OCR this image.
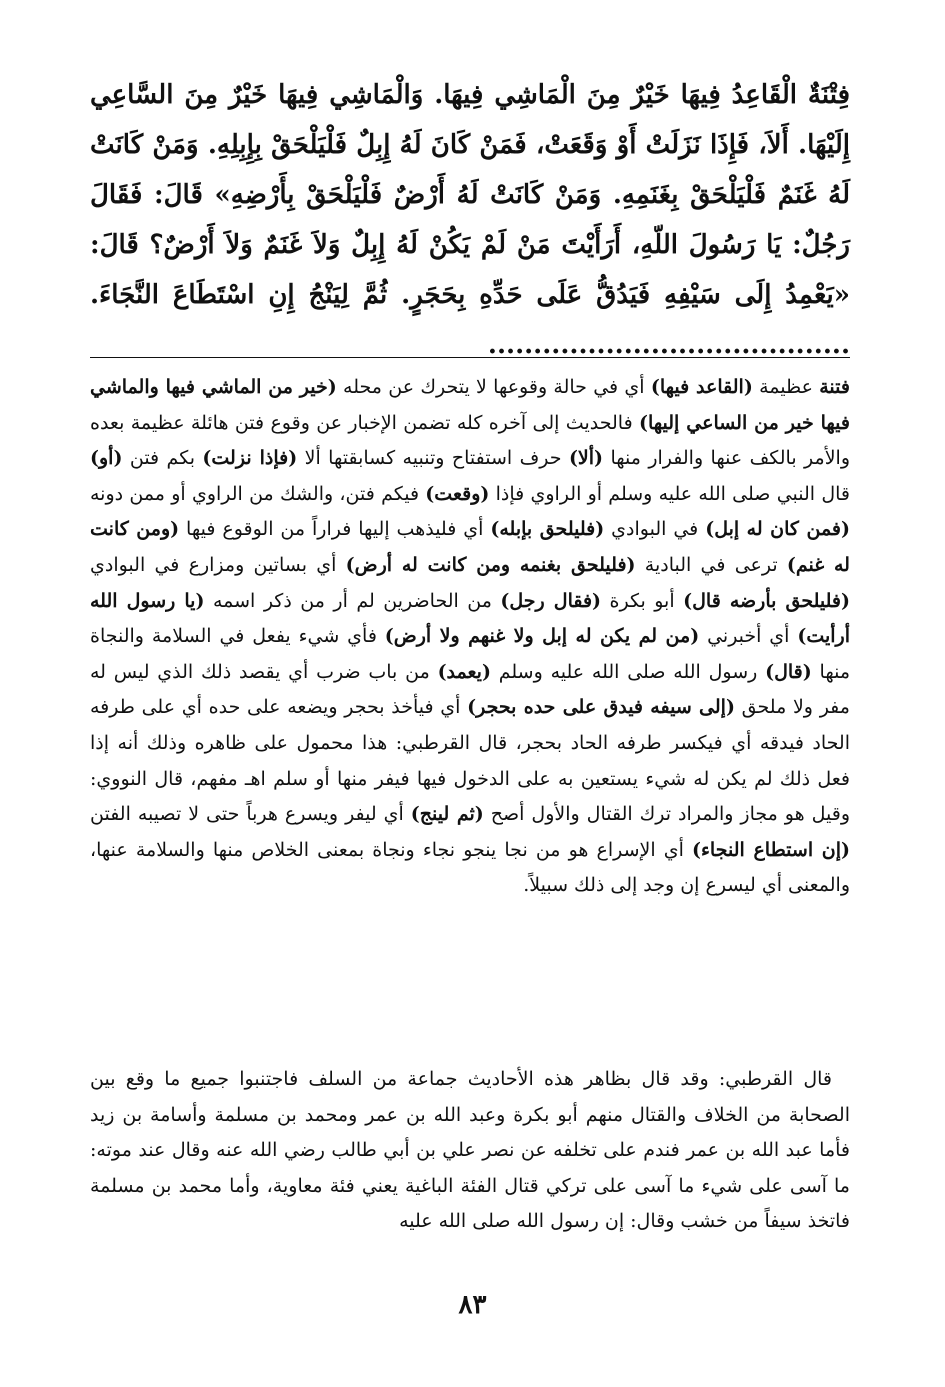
فِتْنَةٌ الْقَاعِدُ فِيهَا خَيْرٌ مِنَ الْمَاشِي فِيهَا. وَالْمَاشِي فِيهَا خَيْرٌ مِنَ السَّاعِي إِلَيْهَا. أَلاَ، فَإِذَا نَزَلَتْ أَوْ وَقَعَتْ، فَمَنْ كَانَ لَهُ إِبِلٌ فَلْيَلْحَقْ بِإِبِلِهِ. وَمَنْ كَانَتْ لَهُ غَنَمٌ فَلْيَلْحَقْ بِغَنَمِهِ. وَمَنْ كَانَتْ لَهُ أَرْضٌ فَلْيَلْحَقْ بِأَرْضِهِ» قَالَ: فَقَالَ رَجُلٌ: يَا رَسُولَ اللّهِ، أَرَأَيْتَ مَنْ لَمْ يَكُنْ لَهُ إِبِلٌ وَلاَ غَنَمٌ وَلاَ أَرْضٌ؟ قَالَ: «يَعْمِدُ إِلَى سَيْفِهِ فَيَدُقُّ عَلَى حَدِّهِ بِحَجَرٍ. ثُمَّ لِيَنْجُ إِنِ اسْتَطَاعَ النَّجَاءَ. ........................................
فتنة عظيمة (القاعد فيها) أي في حالة وقوعها لا يتحرك عن محله (خير من الماشي فيها والماشي فيها خير من الساعي إليها) فالحديث إلى آخره كله تضمن الإخبار عن وقوع فتن هائلة عظيمة بعده والأمر بالكف عنها والفرار منها (ألا) حرف استفتاح وتنبيه كسابقتها ألا (فإذا نزلت) بكم فتن (أو) قال النبي صلى الله عليه وسلم أو الراوي فإذا (وقعت) فيكم فتن، والشك من الراوي أو ممن دونه (فمن كان له إبل) في البوادي (فليلحق بإبله) أي فليذهب إليها فراراً من الوقوع فيها (ومن كانت له غنم) ترعى في البادية (فليلحق بغنمه ومن كانت له أرض) أي بساتين ومزارع في البوادي (فليلحق بأرضه قال) أبو بكرة (فقال رجل) من الحاضرين لم أر من ذكر اسمه (يا رسول الله أرأيت) أي أخبرني (من لم يكن له إبل ولا غنهم ولا أرض) فأي شيء يفعل في السلامة والنجاة منها (قال) رسول الله صلى الله عليه وسلم (يعمد) من باب ضرب أي يقصد ذلك الذي ليس له مفر ولا ملحق (إلى سيفه فيدق على حده بحجر) أي فيأخذ بحجر ويضعه على حده أي على طرفه الحاد فيدقه أي فيكسر طرفه الحاد بحجر، قال القرطبي: هذا محمول على ظاهره وذلك أنه إذا فعل ذلك لم يكن له شيء يستعين به على الدخول فيها فيفر منها أو سلم اهـ مفهم، قال النووي: وقيل هو مجاز والمراد ترك القتال والأول أصح (ثم لينج) أي ليفر ويسرع هرباً حتى لا تصيبه الفتن (إن استطاع النجاء) أي الإسراع هو من نجا ينجو نجاء ونجاة بمعنى الخلاص منها والسلامة عنها، والمعنى أي ليسرع إن وجد إلى ذلك سبيلاً.
قال القرطبي: وقد قال بظاهر هذه الأحاديث جماعة من السلف فاجتنبوا جميع ما وقع بين الصحابة من الخلاف والقتال منهم أبو بكرة وعبد الله بن عمر ومحمد بن مسلمة وأسامة بن زيد فأما عبد الله بن عمر فندم على تخلفه عن نصر علي بن أبي طالب رضي الله عنه وقال عند موته: ما آسى على شيء ما آسى على تركي قتال الفئة الباغية يعني فئة معاوية، وأما محمد بن مسلمة فاتخذ سيفاً من خشب وقال: إن رسول الله صلى الله عليه
٨٣
